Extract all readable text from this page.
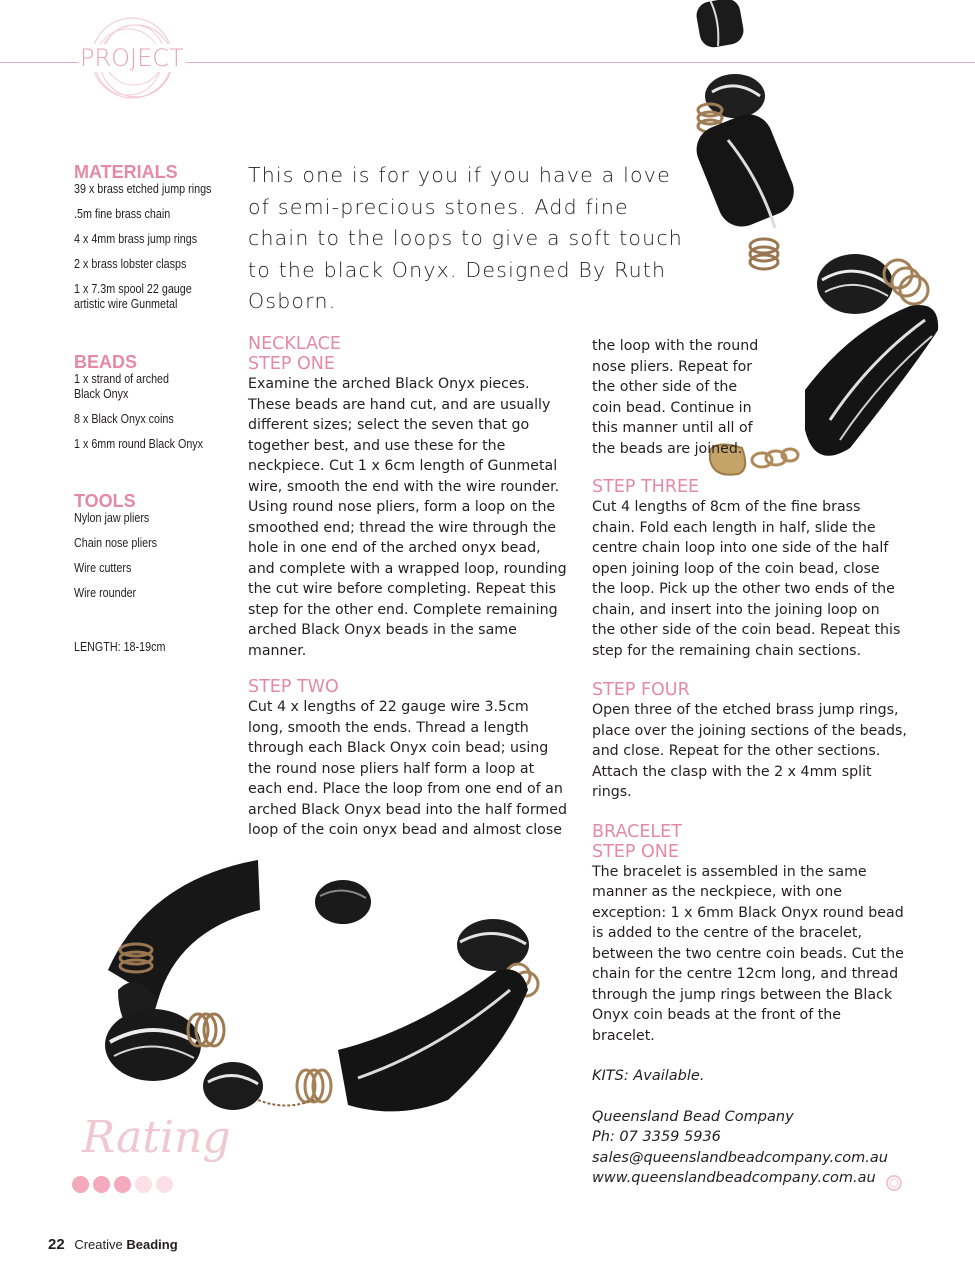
PROJECT
MATERIALS
39 x brass etched jump rings
.5m fine brass chain
4 x 4mm brass jump rings
2 x brass lobster clasps
1 x 7.3m spool 22 gauge artistic wire Gunmetal
BEADS
1 x strand of arched Black Onyx
8 x Black Onyx coins
1 x 6mm round Black Onyx
TOOLS
Nylon jaw pliers
Chain nose pliers
Wire cutters
Wire rounder
LENGTH: 18-19cm

This one is for you if you have a love of semi-precious stones. Add fine chain to the loops to give a soft touch to the black Onyx. Designed By Ruth Osborn.

NECKLACE
STEP ONE

Examine the arched Black Onyx pieces. These beads are hand cut, and are usually different sizes; select the seven that go together best, and use these for the neckpiece. Cut 1 x 6cm length of Gunmetal wire, smooth the end with the wire rounder. Using round nose pliers, form a loop on the smoothed end; thread the wire through the hole in one end of the arched onyx bead, and complete with a wrapped loop, rounding the cut wire before completing. Repeat this step for the other end. Complete remaining arched Black Onyx beads in the same manner.

STEP TWO

Cut 4 x lengths of 22 gauge wire 3.5cm long, smooth the ends. Thread a length through each Black Onyx coin bead; using the round nose pliers half form a loop at each end. Place the loop from one end of an arched Black Onyx bead into the half formed loop of the coin onyx bead and almost close

the loop with the round nose pliers. Repeat for the other side of the coin bead. Continue in this manner until all of the beads are joined.

STEP THREE

Cut 4 lengths of 8cm of the fine brass chain. Fold each length in half, slide the centre chain loop into one side of the half open joining loop of the coin bead, close the loop. Pick up the other two ends of the chain, and insert into the joining loop on the other side of the coin bead. Repeat this step for the remaining chain sections.

STEP FOUR

Open three of the etched brass jump rings, place over the joining sections of the beads, and close. Repeat for the other sections. Attach the clasp with the 2 x 4mm split rings.

BRACELET
STEP ONE

The bracelet is assembled in the same manner as the neckpiece, with one exception: 1 x 6mm Black Onyx round bead is added to the centre of the bracelet, between the two centre coin beads. Cut the chain for the centre 12cm long, and thread through the jump rings between the Black Onyx coin beads at the front of the bracelet.

KITS: Available.

Queensland Bead Company

Ph: 07 3359 5936

sales@queenslandbeadcompany.com.au

www.queenslandbeadcompany.com.au

Rating
22 Creative Beading
